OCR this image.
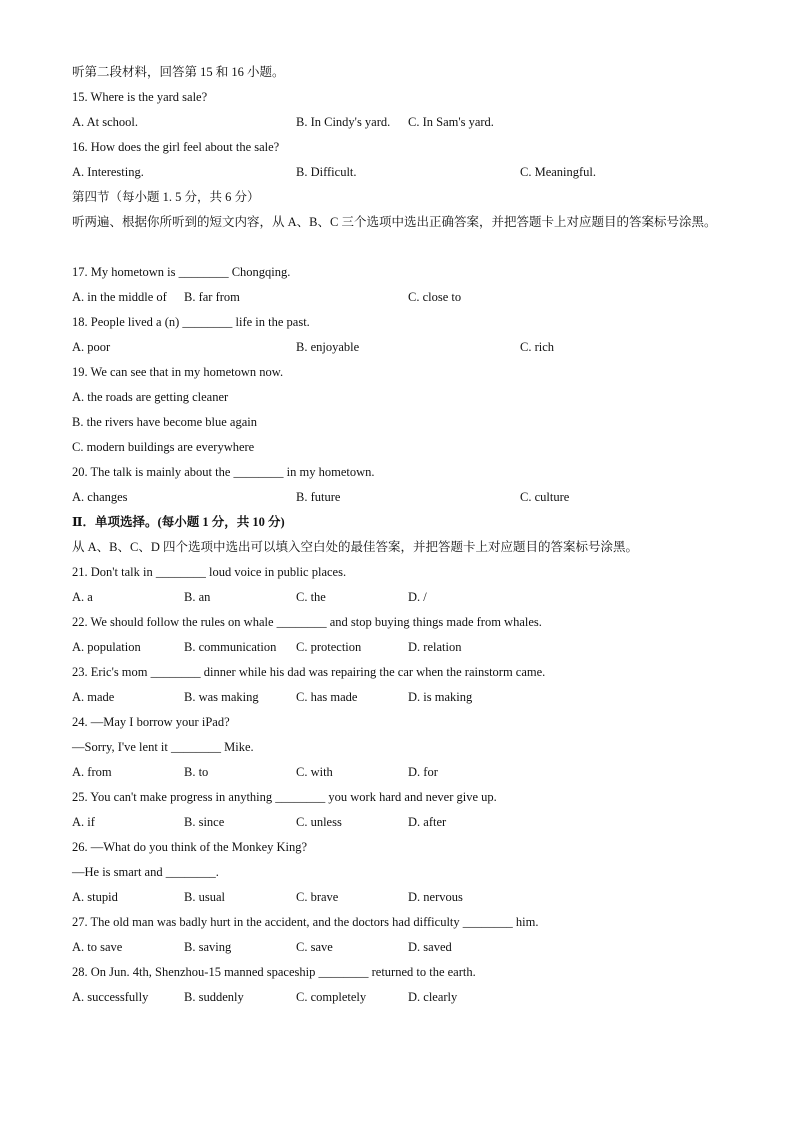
听第二段材料，回答第 15 和 16 小题。
15. Where is the yard sale?
A. At school.	B. In Cindy's yard. C. In Sam's yard.
16. How does the girl feel about the sale?
A. Interesting.	B. Difficult.	C. Meaningful.
第四节（每小题 1. 5 分，共 6 分）
听两遍、根据你所听到的短文内容，从 A、B、C 三个选项中选出正确答案，并把答题卡上对应题目的答案标号涂黑。
17. My hometown is ________ Chongqing.
A. in the middle of B. far from	C. close to
18. People lived a (n) ________ life in the past.
A. poor	B. enjoyable	C. rich
19. We can see that in my hometown now.
A. the roads are getting cleaner
B. the rivers have become blue again
C. modern buildings are everywhere
20. The talk is mainly about the ________ in my hometown.
A. changes	B. future	C. culture
Ⅱ．单项选择。(每小题 1 分，共 10 分)
从 A、B、C、D 四个选项中选出可以填入空白处的最佳答案，并把答题卡上对应题目的答案标号涂黑。
21. Don't talk in ________ loud voice in public places.
A. a	B. an	C. the	D. /
22. We should follow the rules on whale ________ and stop buying things made from whales.
A. population	B. communication C. protection	D. relation
23. Eric's mom ________ dinner while his dad was repairing the car when the rainstorm came.
A. made	B. was making	C. has made	D. is making
24. —May I borrow your iPad?
—Sorry, I've lent it ________ Mike.
A. from	B. to	C. with	D. for
25. You can't make progress in anything ________ you work hard and never give up.
A. if	B. since	C. unless	D. after
26. —What do you think of the Monkey King?
—He is smart and ________.
A. stupid	B. usual	C. brave	D. nervous
27. The old man was badly hurt in the accident, and the doctors had difficulty ________ him.
A. to save	B. saving	C. save	D. saved
28. On Jun. 4th, Shenzhou-15 manned spaceship ________ returned to the earth.
A. successfully	B. suddenly	C. completely	D. clearly
